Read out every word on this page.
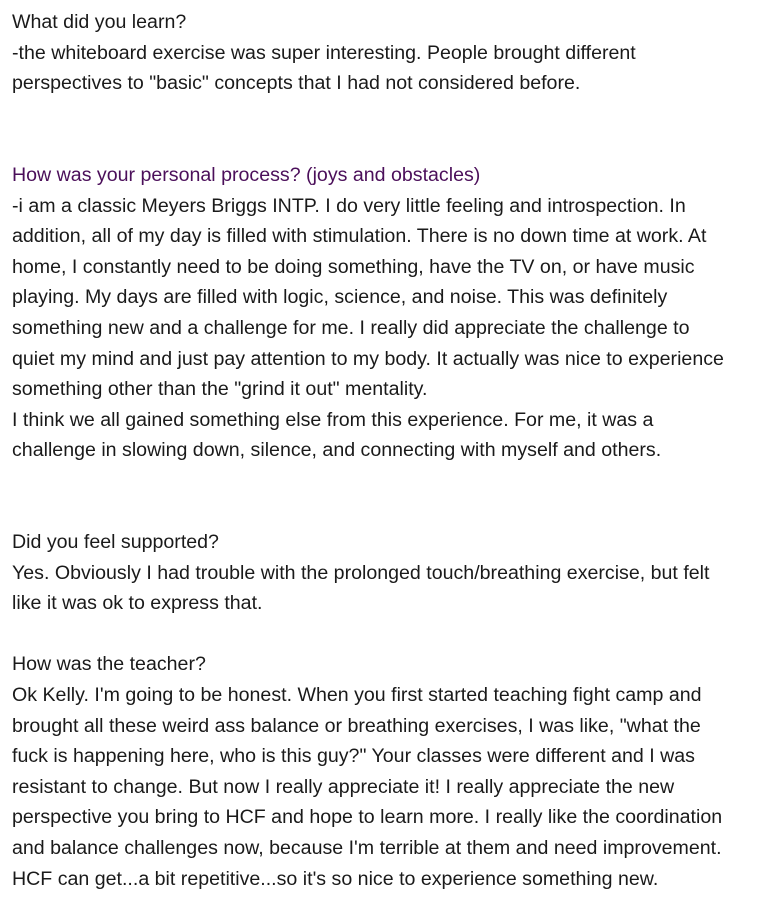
What did you learn?
-the whiteboard exercise was super interesting. People brought different
perspectives to "basic" concepts that I had not considered before.
How was your personal process? (joys and obstacles)
-i am a classic Meyers Briggs INTP. I do very little feeling and introspection. In
addition, all of my day is filled with stimulation. There is no down time at work. At
home, I constantly need to be doing something, have the TV on, or have music
playing. My days are filled with logic, science, and noise. This was definitely
something new and a challenge for me. I really did appreciate the challenge to
quiet my mind and just pay attention to my body. It actually was nice to experience
something other than the "grind it out" mentality.
I think we all gained something else from this experience. For me, it was a
challenge in slowing down, silence, and connecting with myself and others.
Did you feel supported?
Yes. Obviously I had trouble with the prolonged touch/breathing exercise, but felt
like it was ok to express that.
How was the teacher?
Ok Kelly. I'm going to be honest. When you first started teaching fight camp and
brought all these weird ass balance or breathing exercises, I was like, "what the
fuck is happening here, who is this guy?" Your classes were different and I was
resistant to change. But now I really appreciate it! I really appreciate the new
perspective you bring to HCF and hope to learn more. I really like the coordination
and balance challenges now, because I'm terrible at them and need improvement.
HCF can get...a bit repetitive...so it's so nice to experience something new.
